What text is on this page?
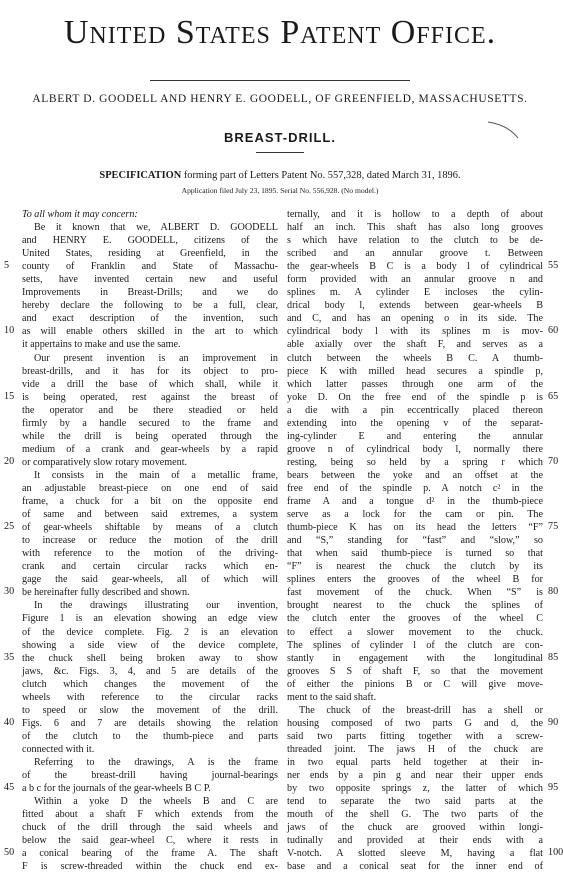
United States Patent Office.
ALBERT D. GOODELL AND HENRY E. GOODELL, OF GREENFIELD, MASSACHUSETTS.
BREAST-DRILL.
SPECIFICATION forming part of Letters Patent No. 557,328, dated March 31, 1896.
Application filed July 23, 1895. Serial No. 556,928. (No model.)
To all whom it may concern:
Be it known that we, ALBERT D. GOODELL
and HENRY E. GOODELL, citizens of the
United States, residing at Greenfield, in the
county of Franklin and State of Massachu-
setts, have invented certain new and useful
Improvements in Breast-Drills; and we do
hereby declare the following to be a full, clear,
and exact description of the invention, such
as will enable others skilled in the art to which
it appertains to make and use the same.
Our present invention is an improvement in
breast-drills, and it has for its object to pro-
vide a drill the base of which shall, while it
is being operated, rest against the breast of
the operator and be there steadied or held
firmly by a handle secured to the frame and
while the drill is being operated through the
medium of a crank and gear-wheels by a rapid
or comparatively slow rotary movement.
It consists in the main of a metallic frame,
an adjustable breast-piece on one end of said
frame, a chuck for a bit on the opposite end
of same and between said extremes, a system
of gear-wheels shiftable by means of a clutch
to increase or reduce the motion of the drill
with reference to the motion of the driving-
crank and certain circular racks which en-
gage the said gear-wheels, all of which will
be hereinafter fully described and shown.
In the drawings illustrating our invention,
Figure 1 is an elevation showing an edge view
of the device complete. Fig. 2 is an elevation
showing a side view of the device complete,
the chuck shell being broken away to show
jaws, &c. Figs. 3, 4, and 5 are details of the
clutch which changes the movement of the
wheels with reference to the circular racks
to speed or slow the movement of the drill.
Figs. 6 and 7 are details showing the relation
of the clutch to the thumb-piece and parts
connected with it.
Referring to the drawings, A is the frame
of the breast-drill having journal-bearings
a b c for the journals of the gear-wheels B C P.
Within a yoke D the wheels B and C are
fitted about a shaft F which extends from the
chuck of the drill through the said wheels and
below the said gear-wheel C, where it rests in
a conical bearing of the frame A. The shaft
F is screw-threaded within the chuck end ex-
ternally, and it is hollow to a depth of about
half an inch. This shaft has also long grooves
s which have relation to the clutch to be de-
scribed and an annular groove t. Between
the gear-wheels B C is a body l of cylindrical
form provided with an annular groove n and
splines m. A cylinder E incloses the cylin-
drical body l, extends between gear-wheels B
and C, and has an opening o in its side. The
cylindrical body l with its splines m is mov-
able axially over the shaft F, and serves as a
clutch between the wheels B C. A thumb-
piece K with milled head secures a spindle p,
which latter passes through one arm of the
yoke D. On the free end of the spindle p is
a die with a pin eccentrically placed thereon
extending into the opening v of the separat-
ing-cylinder E and entering the annular
groove n of cylindrical body l, normally there
resting, being so held by a spring r which
bears between the yoke and an offset at the
free end of the spindle p. A notch c² in the
frame A and a tongue d² in the thumb-piece
serve as a lock for the cam or pin. The
thumb-piece K has on its head the letters “F”
and “S,” standing for “fast” and “slow,” so
that when said thumb-piece is turned so that
“F” is nearest the chuck the clutch by its
splines enters the grooves of the wheel B for
fast movement of the chuck. When “S” is
brought nearest to the chuck the splines of
the clutch enter the grooves of the wheel C
to effect a slower movement to the chuck.
The splines of cylinder l of the clutch are con-
stantly in engagement with the longitudinal
grooves S S of shaft F, so that the movement
of either the pinions B or C will give move-
ment to the said shaft.
The chuck of the breast-drill has a shell or
housing composed of two parts G and d, the
said two parts fitting together with a screw-
threaded joint. The jaws H of the chuck are
in two equal parts held together at their in-
ner ends by a pin g and near their upper ends
by two opposite springs z, the latter of which
tend to separate the two said parts at the
mouth of the shell G. The two parts of the
jaws of the chuck are grooved within longi-
tudinally and provided at their ends with a
V-notch. A slotted sleeve M, having a flat
base and a conical seat for the inner end of
5
10
15
20
25
30
35
40
45
50
55
60
65
70
75
80
85
90
95
100
